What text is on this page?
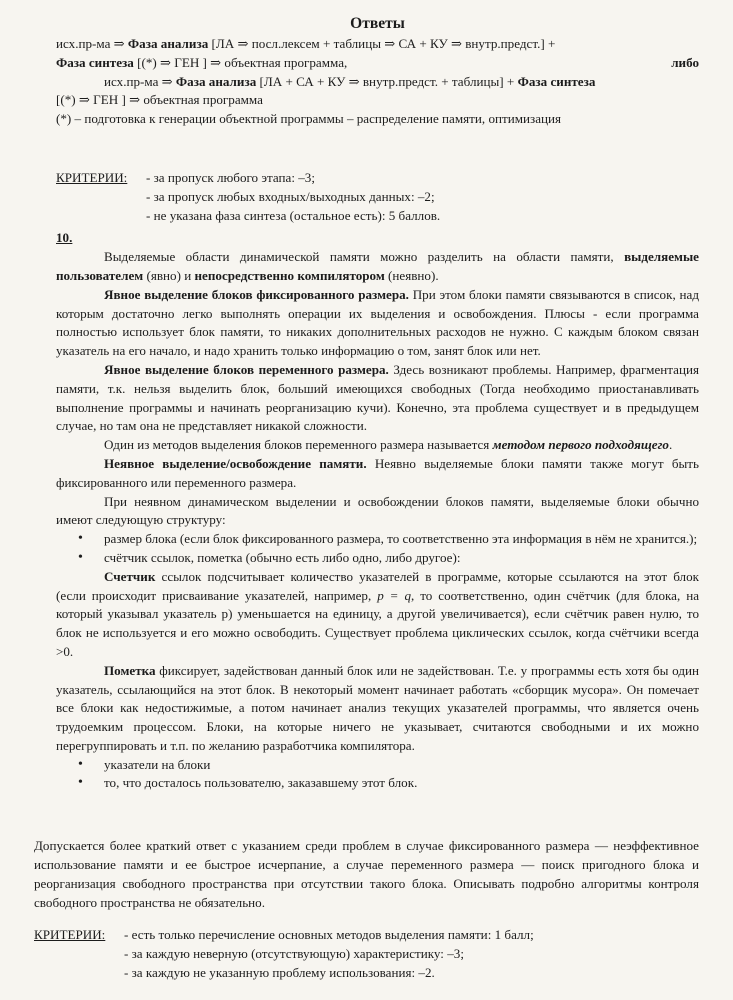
Ответы

исх.пр-ма ⇒ Фаза анализа [ЛА ⇒ посл.лексем + таблицы ⇒ СА + КУ ⇒ внутр.предст.] +

Фаза синтеза [(*) ⇒ ГЕН ] ⇒ объектная программа,	либо

исх.пр-ма ⇒ Фаза анализа [ЛА + СА + КУ ⇒ внутр.предст. + таблицы] + Фаза синтеза

[(*) ⇒ ГЕН ] ⇒ объектная программа

(*) – подготовка к генерации объектной программы – распределение памяти, оптимизация

КРИТЕРИИ:	- за пропуск любого этапа: –3;
- за пропуск любых входных/выходных данных: –2;
- не указана фаза синтеза (остальное есть): 5 баллов.
10.

Выделяемые области динамической памяти можно разделить на области памяти, выделяемые пользователем (явно) и непосредственно компилятором (неявно).

Явное выделение блоков фиксированного размера. При этом блоки памяти связываются в список, над которым достаточно легко выполнять операции их выделения и освобождения. Плюсы - если программа полностью использует блок памяти, то никаких дополнительных расходов не нужно. С каждым блоком связан указатель на его начало, и надо хранить только информацию о том, занят блок или нет.

Явное выделение блоков переменного размера. Здесь возникают проблемы. Например, фрагментация памяти, т.к. нельзя выделить блок, больший имеющихся свободных (Тогда необходимо приостанавливать выполнение программы и начинать реорганизацию кучи). Конечно, эта проблема существует и в предыдущем случае, но там она не представляет никакой сложности.

Один из методов выделения блоков переменного размера называется методом первого подходящего.

Неявное выделение/освобождение памяти. Неявно выделяемые блоки памяти также могут быть фиксированного или переменного размера.

При неявном динамическом выделении и освобождении блоков памяти, выделяемые блоки обычно имеют следующую структуру:

• размер блока (если блок фиксированного размера, то соответственно эта информация в нём не хранится.);
• счётчик ссылок, пометка (обычно есть либо одно, либо другое):

Счетчик ссылок подсчитывает количество указателей в программе, которые ссылаются на этот блок (если происходит присваивание указателей, например, p = q, то соответственно, один счётчик (для блока, на который указывал указатель p) уменьшается на единицу, а другой увеличивается), если счётчик равен нулю, то блок не используется и его можно освободить. Существует проблема циклических ссылок, когда счётчики всегда >0.

Пометка фиксирует, задействован данный блок или не задействован. Т.е. у программы есть хотя бы один указатель, ссылающийся на этот блок. В некоторый момент начинает работать «сборщик мусора». Он помечает все блоки как недостижимые, а потом начинает анализ текущих указателей программы, что является очень трудоемким процессом. Блоки, на которые ничего не указывает, считаются свободными и их можно перегруппировать и т.п. по желанию разработчика компилятора.

• указатели на блоки
• то, что досталось пользователю, заказавшему этот блок.

Допускается более краткий ответ с указанием среди проблем в случае фиксированного размера — неэффективное использование памяти и ее быстрое исчерпание, а случае переменного размера — поиск пригодного блока и реорганизация свободного пространства при отсутствии такого блока. Описывать подробно алгоритмы контроля свободного пространства не обязательно.

КРИТЕРИИ:	- есть только перечисление основных методов выделения памяти: 1 балл;
- за каждую неверную (отсутствующую) характеристику: –3;
- за каждую не указанную проблему использования: –2.
